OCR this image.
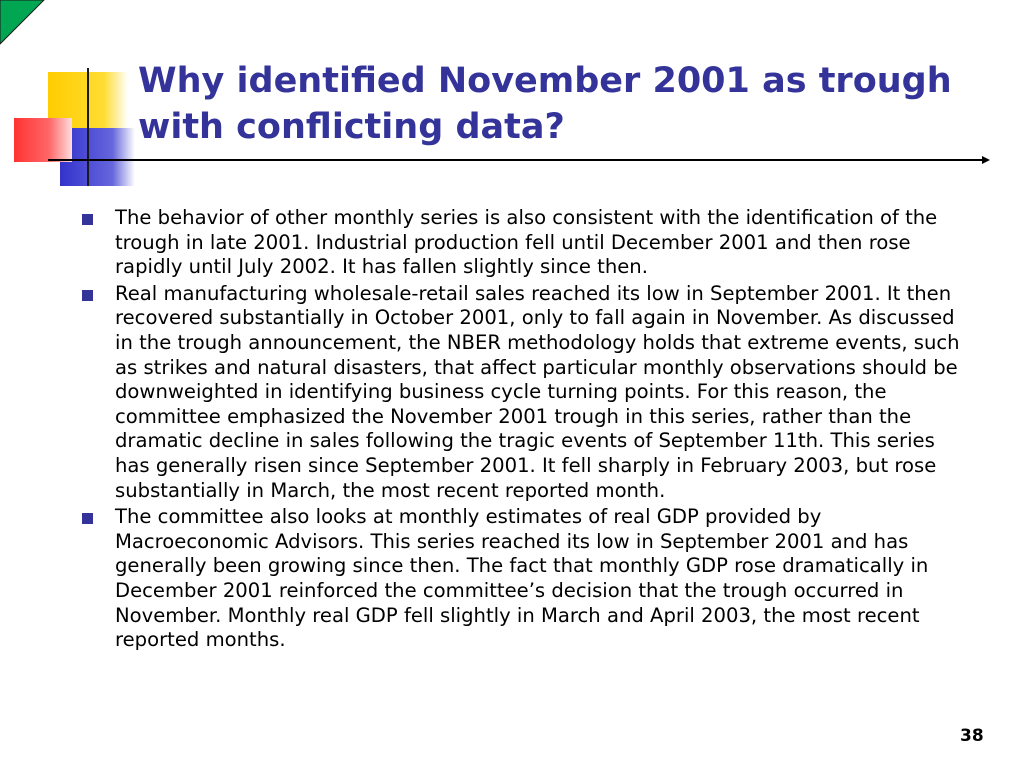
Why identified November 2001 as trough with conflicting data?
The behavior of other monthly series is also consistent with the identification of the trough in late 2001. Industrial production fell until December 2001 and then rose rapidly until July 2002. It has fallen slightly since then.
Real manufacturing wholesale-retail sales reached its low in September 2001. It then recovered substantially in October 2001, only to fall again in November. As discussed in the trough announcement, the NBER methodology holds that extreme events, such as strikes and natural disasters, that affect particular monthly observations should be downweighted in identifying business cycle turning points. For this reason, the committee emphasized the November 2001 trough in this series, rather than the dramatic decline in sales following the tragic events of September 11th. This series has generally risen since September 2001. It fell sharply in February 2003, but rose substantially in March, the most recent reported month.
The committee also looks at monthly estimates of real GDP provided by Macroeconomic Advisors. This series reached its low in September 2001 and has generally been growing since then. The fact that monthly GDP rose dramatically in December 2001 reinforced the committee’s decision that the trough occurred in November. Monthly real GDP fell slightly in March and April 2003, the most recent reported months.
38
